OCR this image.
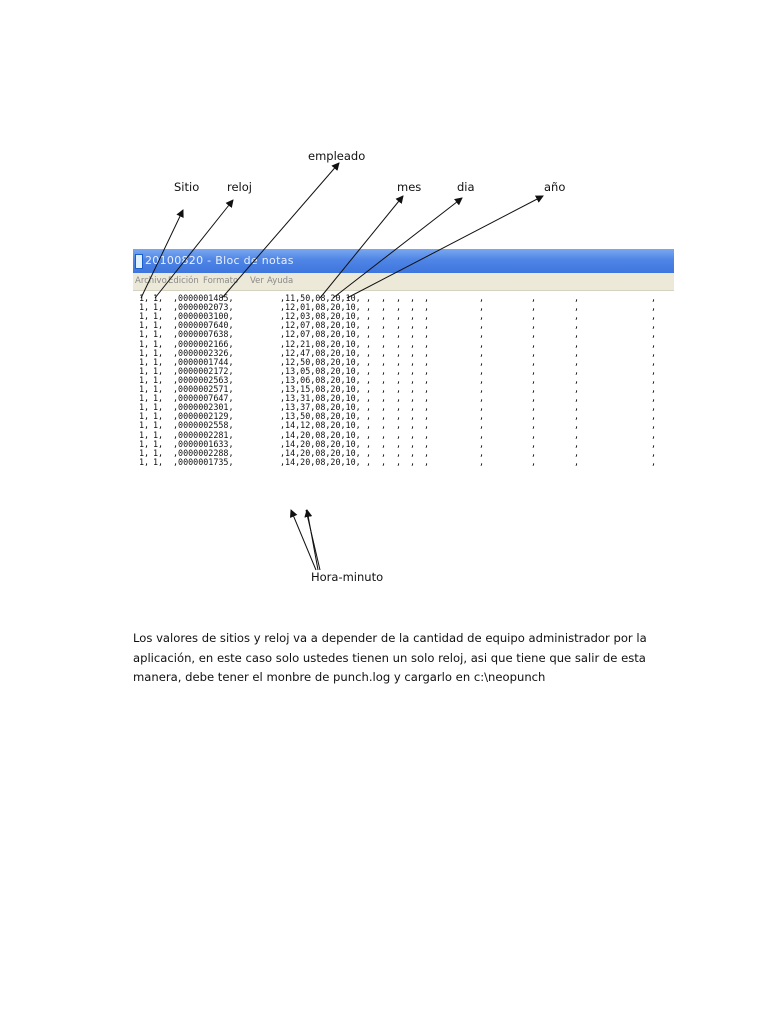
empleado
Sitio reloj	mes	dia	año
20100820 - Bloc de notas
Archivo Edición Formato Ver Ayuda
1, 1, ,0000001485,	,11,50,08,20,10, , , , , ,	,	,	,	,
1, 1, ,0000002073,	,12,01,08,20,10, , , , , ,	,	,	,	,
1, 1, ,0000003100,	,12,03,08,20,10, , , , , ,	,	,	,	,
1, 1, ,0000007640,	,12,07,08,20,10, , , , , ,	,	,	,	,
1, 1, ,0000007638,	,12,07,08,20,10, , , , , ,	,	,	,	,
1, 1, ,0000002166,	,12,21,08,20,10, , , , , ,	,	,	,	,
1, 1, ,0000002326,	,12,47,08,20,10, , , , , ,	,	,	,	,
1, 1, ,0000001744,	,12,50,08,20,10, , , , , ,	,	,	,	,
1, 1, ,0000002172,	,13,05,08,20,10, , , , , ,	,	,	,	,
1, 1, ,0000002563,	,13,06,08,20,10, , , , , ,	,	,	,	,
1, 1, ,0000002571,	,13,15,08,20,10, , , , , ,	,	,	,	,
1, 1, ,0000007647,	,13,31,08,20,10, , , , , ,	,	,	,	,
1, 1, ,0000002301,	,13,37,08,20,10, , , , , ,	,	,	,	,
1, 1, ,0000002129,	,13,50,08,20,10, , , , , ,	,	,	,	,
1, 1, ,0000002558,	,14,12,08,20,10, , , , , ,	,	,	,	,
1, 1, ,0000002281,	,14,20,08,20,10, , , , , ,	,	,	,	,
1, 1, ,0000001633,	,14,20,08,20,10, , , , , ,	,	,	,	,
1, 1, ,0000002288,	,14,20,08,20,10, , , , , ,	,	,	,	,
1, 1, ,0000001735,	,14,20,08,20,10, , , , , ,	,	,	,	,
Hora-minuto

Los valores de sitios y reloj va a depender de la cantidad de equipo administrador por la

aplicación, en este caso solo ustedes tienen un solo reloj, asi que tiene que salir de esta

manera, debe tener el monbre de punch.log y cargarlo en c:\neopunch
